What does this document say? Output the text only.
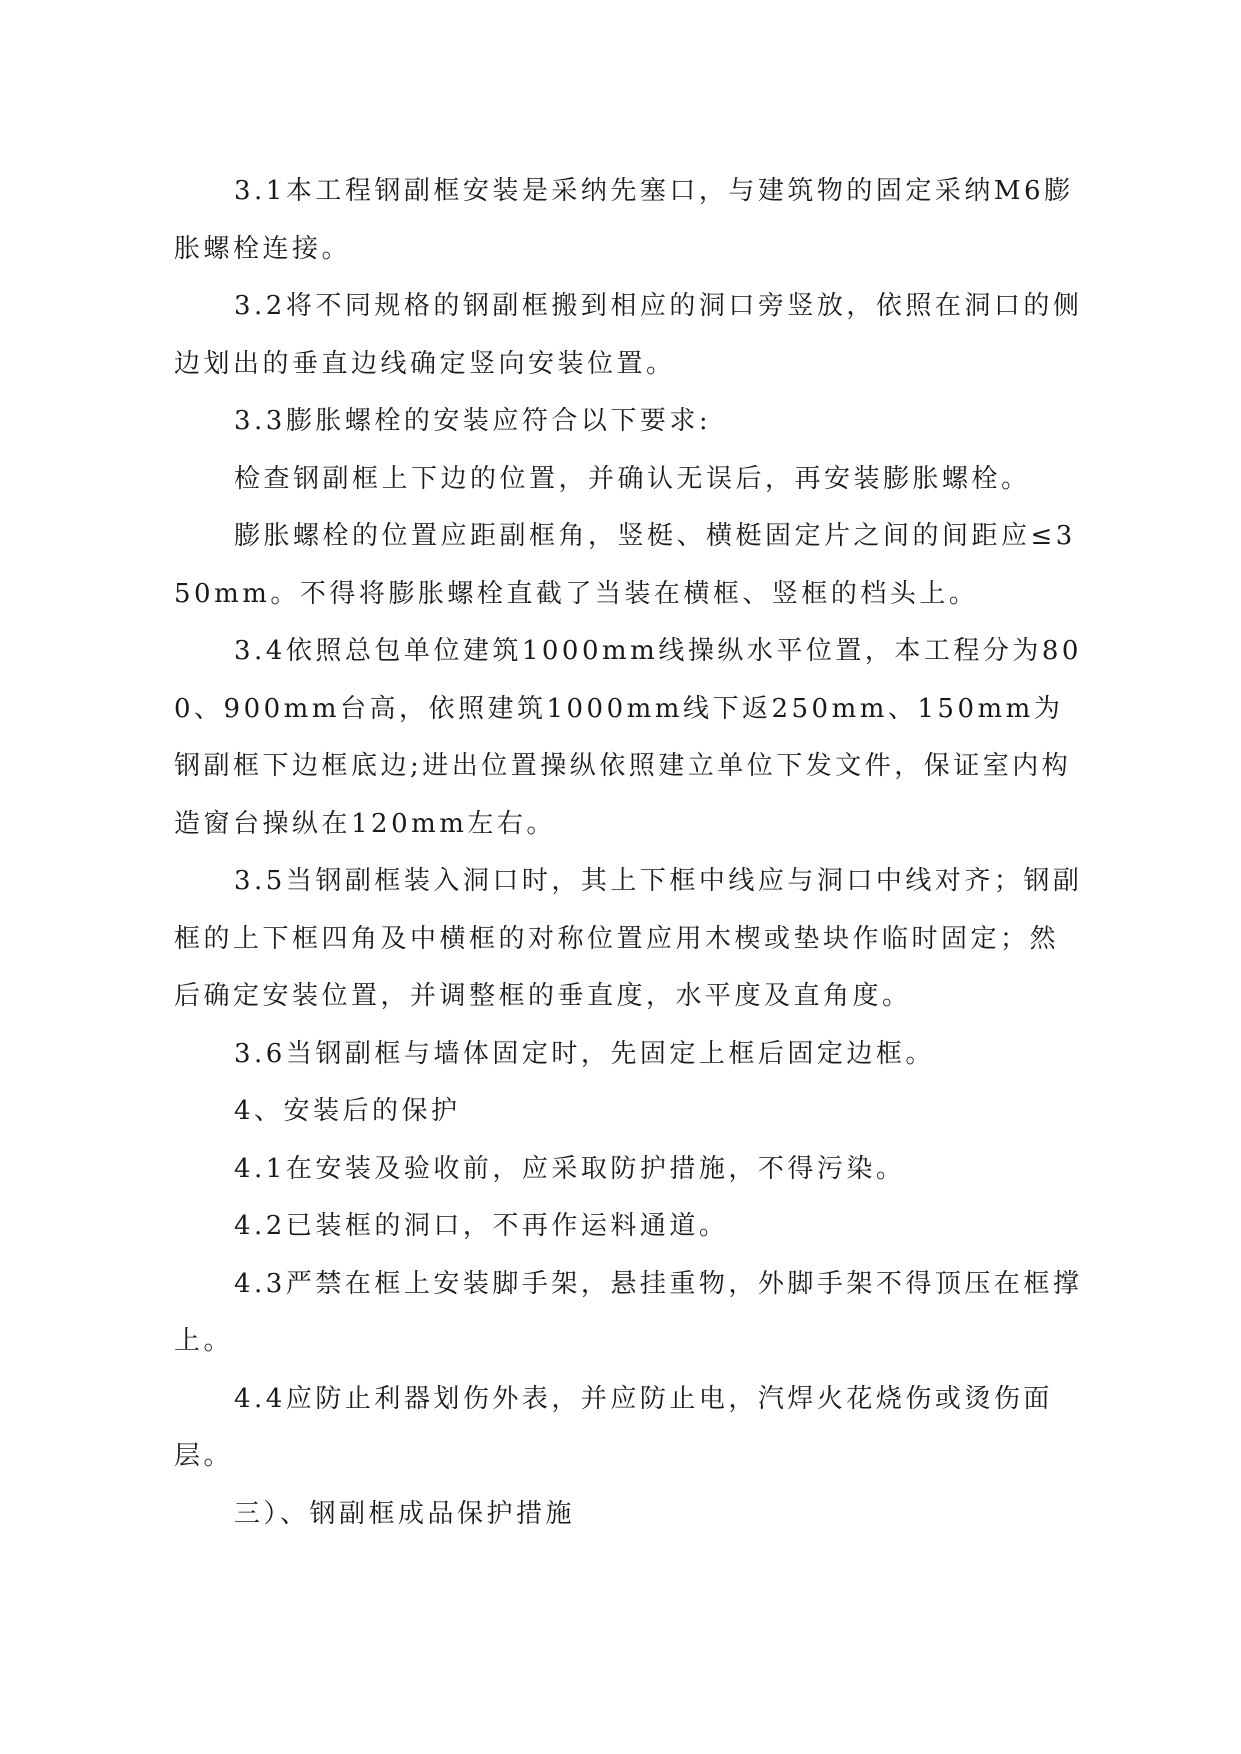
3.1本工程钢副框安装是采纳先塞口，与建筑物的固定采纳M6膨胀螺栓连接。

3.2将不同规格的钢副框搬到相应的洞口旁竖放，依照在洞口的侧边划出的垂直边线确定竖向安装位置。

3.3膨胀螺栓的安装应符合以下要求:

检查钢副框上下边的位置，并确认无误后，再安装膨胀螺栓。

膨胀螺栓的位置应距副框角，竖梃、横梃固定片之间的间距应≤350mm。不得将膨胀螺栓直截了当装在横框、竖框的档头上。

3.4依照总包单位建筑1000mm线操纵水平位置，本工程分为800、900mm台高，依照建筑1000mm线下返250mm、150mm为钢副框下边框底边;进出位置操纵依照建立单位下发文件，保证室内构造窗台操纵在120mm左右。

3.5当钢副框装入洞口时，其上下框中线应与洞口中线对齐；钢副框的上下框四角及中横框的对称位置应用木楔或垫块作临时固定；然后确定安装位置，并调整框的垂直度，水平度及直角度。

3.6当钢副框与墙体固定时，先固定上框后固定边框。

4、安装后的保护

4.1在安装及验收前，应采取防护措施，不得污染。

4.2已装框的洞口，不再作运料通道。

4.3严禁在框上安装脚手架，悬挂重物，外脚手架不得顶压在框撑上。

4.4应防止利器划伤外表，并应防止电，汽焊火花烧伤或烫伤面层。

三）、钢副框成品保护措施
